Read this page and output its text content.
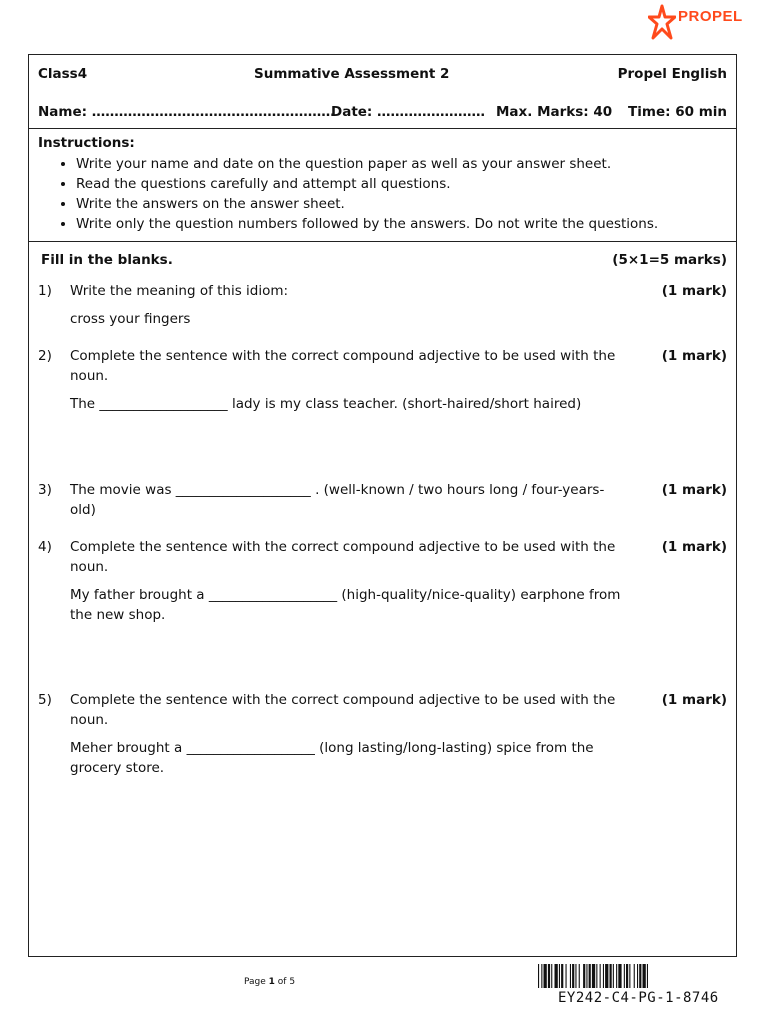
PROPEL
Class4	Summative Assessment 2	Propel English
Name: ………………………………………………
Date: …………………… Max. Marks: 40 Time: 60 min
Instructions:
• Write your name and date on the question paper as well as your answer sheet.
• Read the questions carefully and attempt all questions.
• Write the answers on the answer sheet.
• Write only the question numbers followed by the answers. Do not write the questions.
Fill in the blanks.	(5×1=5 marks)
1) Write the meaning of this idiom:
cross your fingers
(1 mark)
2) Complete the sentence with the correct compound adjective to be used with the noun.
The ___________________ lady is my class teacher. (short-haired/short haired)
(1 mark)
3) The movie was ____________________ . (well-known / two hours long / four-years-old)
(1 mark)
4) Complete the sentence with the correct compound adjective to be used with the noun.
My father brought a ___________________ (high-quality/nice-quality) earphone from the new shop.
(1 mark)
5) Complete the sentence with the correct compound adjective to be used with the noun.
Meher brought a ___________________ (long lasting/long-lasting) spice from the grocery store.
(1 mark)
Page 1 of 5
EY242-C4-PG-1-8746
